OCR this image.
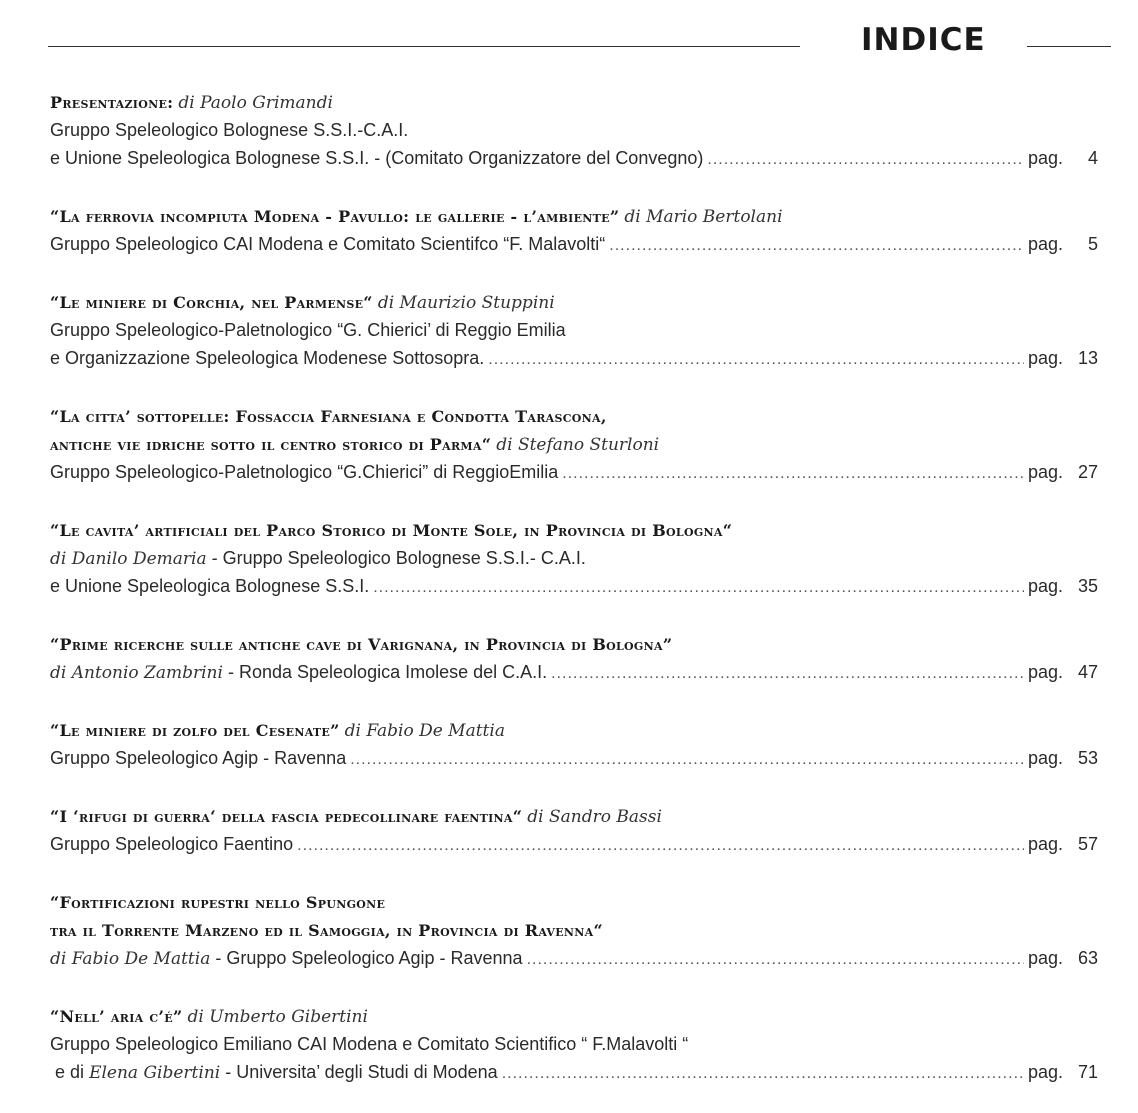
INDICE
Presentazione: di Paolo Grimandi
Gruppo Speleologico Bolognese S.S.I.-C.A.I.
e Unione Speleologica Bolognese S.S.I. - (Comitato Organizzatore del Convegno) .....	pag. 4
“La ferrovia incompiuta Modena - Pavullo: le gallerie - l’ambiente” di Mario Bertolani
Gruppo Speleologico CAI Modena e Comitato Scientifco “F. Malavolti“ .....	pag. 5
“Le miniere di Corchia, nel Parmense“ di Maurizio Stuppini
Gruppo Speleologico-Paletnologico “G. Chierici’ di Reggio Emilia
e Organizzazione Speleologica Modenese Sottosopra. .....	pag. 13
“La citta’ sottopelle: Fossaccia Farnesiana e Condotta Tarascona,
antiche vie idriche sotto il centro storico di Parma“ di Stefano Sturloni
Gruppo Speleologico-Paletnologico “G.Chierici” di ReggioEmilia .....	pag. 27
“Le cavita’ artificiali del Parco Storico di Monte Sole, in Provincia di Bologna“
di Danilo Demaria - Gruppo Speleologico Bolognese S.S.I.- C.A.I.
e Unione Speleologica Bolognese S.S.I. .....	pag. 35
“Prime ricerche sulle antiche cave di Varignana, in Provincia di Bologna”
di Antonio Zambrini - Ronda Speleologica Imolese del C.A.I. .....	pag. 47
“Le miniere di zolfo del Cesenate” di Fabio De Mattia
Gruppo Speleologico Agip - Ravenna .....	pag. 53
“I ‘rifugi di guerra‘ della fascia pedecollinare faentina“ di Sandro Bassi
Gruppo Speleologico Faentino .....	pag. 57
“Fortificazioni rupestri nello Spungone
tra il Torrente Marzeno ed il Samoggia, in Provincia di Ravenna“
di Fabio De Mattia - Gruppo Speleologico Agip - Ravenna .....	pag. 63
“Nell’ aria c’é” di Umberto Gibertini
Gruppo Speleologico Emiliano CAI Modena e Comitato Scientifico “ F.Malavolti “
e di Elena Gibertini - Universita’ degli Studi di Modena .....	pag. 71
